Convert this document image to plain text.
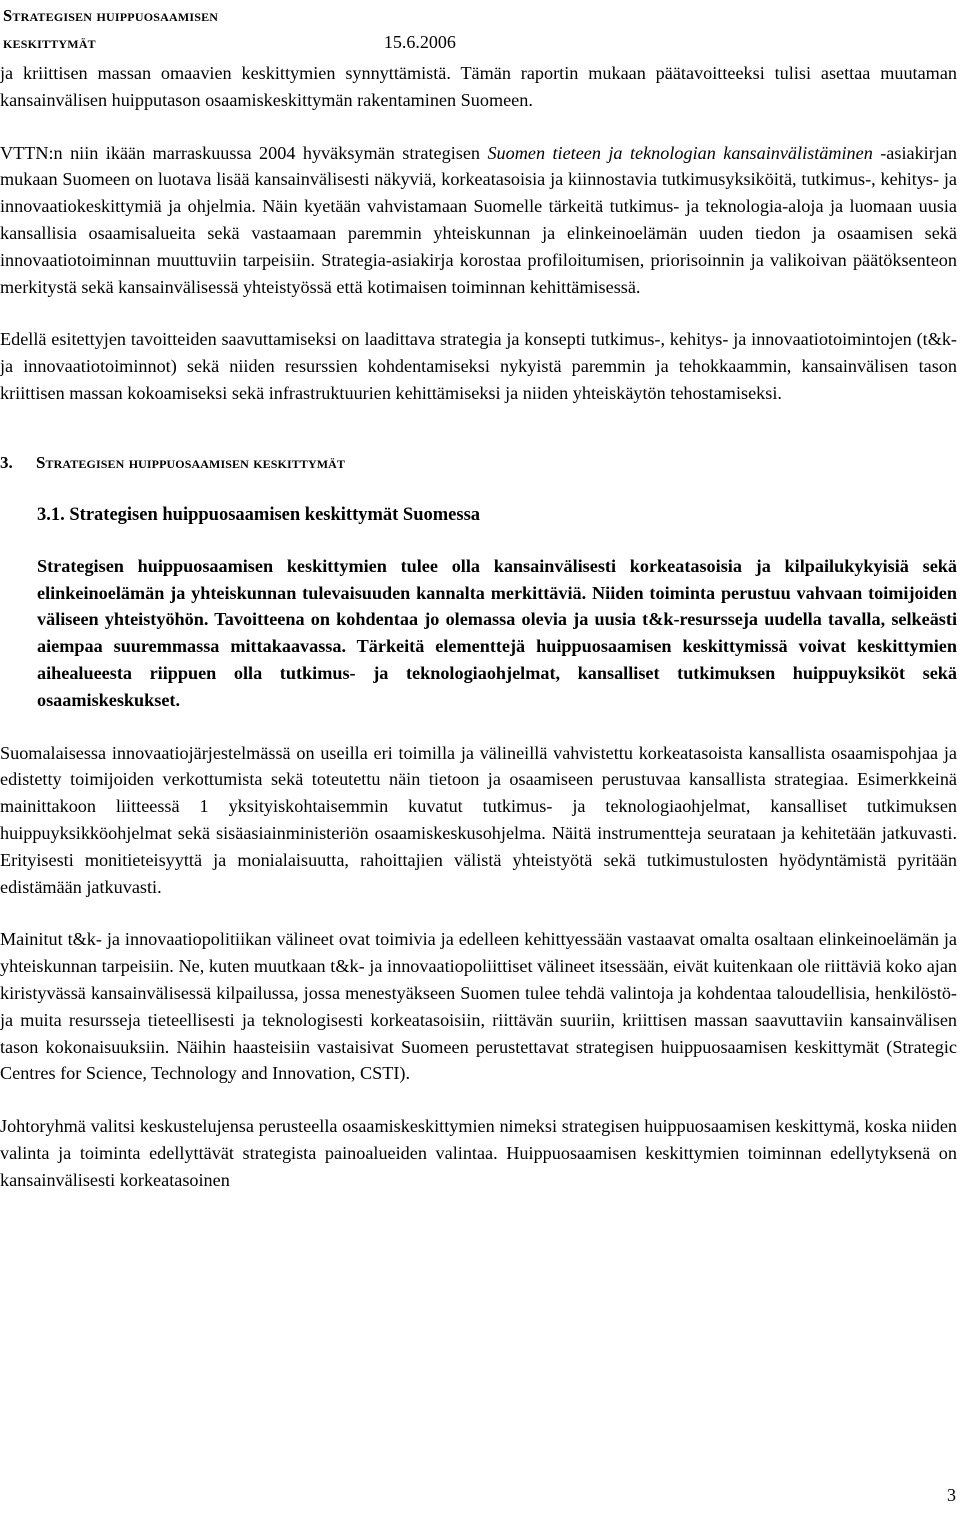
Strategisen huippuosaamisen
keskittymät	15.6.2006

ja kriittisen massan omaavien keskittymien synnyttämistä. Tämän raportin mukaan päätavoitteeksi tulisi asettaa muutaman kansainvälisen huipputason osaamiskeskittymän rakentaminen Suomeen.

VTTN:n niin ikään marraskuussa 2004 hyväksymän strategisen Suomen tieteen ja teknologian kansainvälistäminen -asiakirjan mukaan Suomeen on luotava lisää kansainvälisesti näkyviä, korkeatasoisia ja kiinnostavia tutkimusyksiköitä, tutkimus-, kehitys- ja innovaatiokeskittymiä ja ohjelmia. Näin kyetään vahvistamaan Suomelle tärkeitä tutkimus- ja teknologia-aloja ja luomaan uusia kansallisia osaamisalueita sekä vastaamaan paremmin yhteiskunnan ja elinkeinoelämän uuden tiedon ja osaamisen sekä innovaatiotoiminnan muuttuviin tarpeisiin. Strategia-asiakirja korostaa profiloitumisen, priorisoinnin ja valikoivan päätöksenteon merkitystä sekä kansainvälisessä yhteistyössä että kotimaisen toiminnan kehittämisessä.

Edellä esitettyjen tavoitteiden saavuttamiseksi on laadittava strategia ja konsepti tutkimus-, kehitys- ja innovaatiotoimintojen (t&k- ja innovaatiotoiminnot) sekä niiden resurssien kohdentamiseksi nykyistä paremmin ja tehokkaammin, kansainvälisen tason kriittisen massan kokoamiseksi sekä infrastruktuurien kehittämiseksi ja niiden yhteiskäytön tehostamiseksi.

3.	Strategisen huippuosaamisen keskittymät
3.1. Strategisen huippuosaamisen keskittymät Suomessa
Strategisen huippuosaamisen keskittymien tulee olla kansainvälisesti korkeatasoisia ja kilpailukykyisiä sekä elinkeinoelämän ja yhteiskunnan tulevaisuuden kannalta merkittäviä. Niiden toiminta perustuu vahvaan toimijoiden väliseen yhteistyöhön. Tavoitteena on kohdentaa jo olemassa olevia ja uusia t&k-resursseja uudella tavalla, selkeästi aiempaa suuremmassa mittakaavassa. Tärkeitä elementtejä huippuosaamisen keskittymissä voivat keskittymien aihealueesta riippuen olla tutkimus- ja teknologiaohjelmat, kansalliset tutkimuksen huippuyksiköt sekä osaamiskeskukset.

Suomalaisessa innovaatiojärjestelmässä on useilla eri toimilla ja välineillä vahvistettu korkeatasoista kansallista osaamispohjaa ja edistetty toimijoiden verkottumista sekä toteutettu näin tietoon ja osaamiseen perustuvaa kansallista strategiaa. Esimerkkeinä mainittakoon liitteessä 1 yksityiskohtaisemmin kuvatut tutkimus- ja teknologiaohjelmat, kansalliset tutkimuksen huippuyksikköohjelmat sekä sisäasiainministeriön osaamiskeskusohjelma. Näitä instrumentteja seurataan ja kehitetään jatkuvasti. Erityisesti monitieteisyyttä ja monialaisuutta, rahoittajien välistä yhteistyötä sekä tutkimustulosten hyödyntämistä pyritään edistämään jatkuvasti.

Mainitut t&k- ja innovaatiopolitiikan välineet ovat toimivia ja edelleen kehittyessään vastaavat omalta osaltaan elinkeinoelämän ja yhteiskunnan tarpeisiin. Ne, kuten muutkaan t&k- ja innovaatiopoliittiset välineet itsessään, eivät kuitenkaan ole riittäviä koko ajan kiristyvässä kansainvälisessä kilpailussa, jossa menestyäkseen Suomen tulee tehdä valintoja ja kohdentaa taloudellisia, henkilöstö- ja muita resursseja tieteellisesti ja teknologisesti korkeatasoisiin, riittävän suuriin, kriittisen massan saavuttaviin kansainvälisen tason kokonaisuuksiin. Näihin haasteisiin vastaisivat Suomeen perustettavat strategisen huippuosaamisen keskittymät (Strategic Centres for Science, Technology and Innovation, CSTI).

Johtoryhmä valitsi keskustelujensa perusteella osaamiskeskittymien nimeksi strategisen huippuosaamisen keskittymä, koska niiden valinta ja toiminta edellyttävät strategista painoalueiden valintaa. Huippuosaamisen keskittymien toiminnan edellytyksenä on kansainvälisesti korkeatasoinen

3
